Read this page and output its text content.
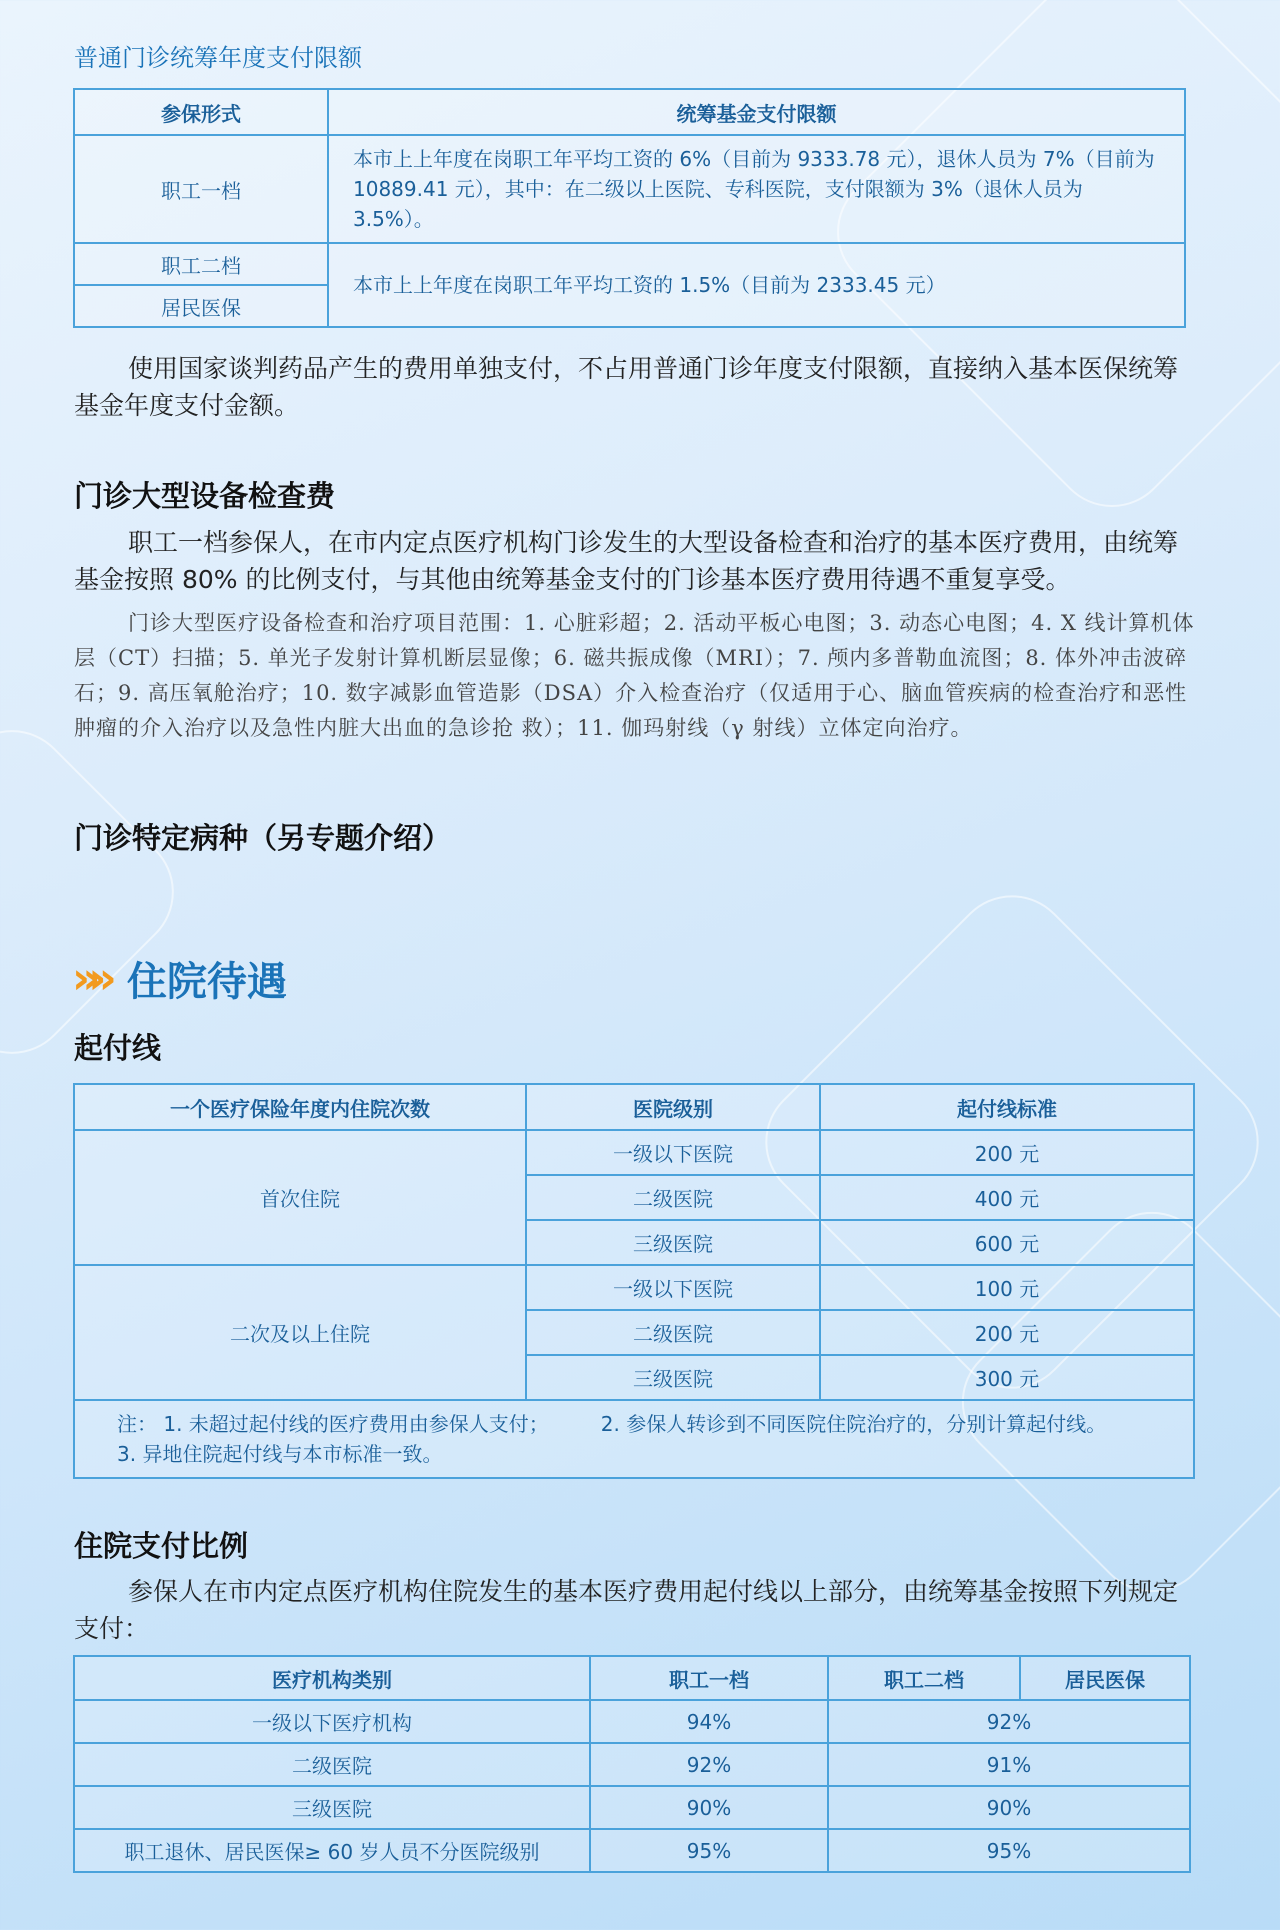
普通门诊统筹年度支付限额
参保形式	统筹基金支付限额
职工一档	本市上上年度在岗职工年平均工资的 6%（目前为 9333.78 元），退休人员为 7%（目前为 10889.41 元），其中：在二级以上医院、专科医院，支付限额为 3%（退休人员为 3.5%）。
职工二档	本市上上年度在岗职工年平均工资的 1.5%（目前为 2333.45 元）
居民医保	
使用国家谈判药品产生的费用单独支付，不占用普通门诊年度支付限额，直接纳入基本医保统筹基金年度支付金额。
门诊大型设备检查费
职工一档参保人，在市内定点医疗机构门诊发生的大型设备检查和治疗的基本医疗费用，由统筹基金按照 80% 的比例支付，与其他由统筹基金支付的门诊基本医疗费用待遇不重复享受。
门诊大型医疗设备检查和治疗项目范围：1. 心脏彩超；2. 活动平板心电图；3. 动态心电图；4. X 线计算机体层（CT）扫描；5. 单光子发射计算机断层显像；6. 磁共振成像（MRI）；7. 颅内多普勒血流图；8. 体外冲击波碎石；9. 高压氧舱治疗；10. 数字减影血管造影（DSA）介入检查治疗（仅适用于心、脑血管疾病的检查治疗和恶性肿瘤的介入治疗以及急性内脏大出血的急诊抢 救）；11. 伽玛射线（γ 射线）立体定向治疗。
门诊特定病种（另专题介绍）
»» 住院待遇
起付线
一个医疗保险年度内住院次数	医院级别	起付线标准
首次住院	一级以下医院	200 元
	二级医院	400 元
	三级医院	600 元
二次及以上住院	一级以下医院	100 元
	二级医院	200 元
	三级医院	300 元
注： 1. 未超过起付线的医疗费用由参保人支付； 2. 参保人转诊到不同医院住院治疗的，分别计算起付线。
3. 异地住院起付线与本市标准一致。		
住院支付比例
参保人在市内定点医疗机构住院发生的基本医疗费用起付线以上部分，由统筹基金按照下列规定支付：
医疗机构类别	职工一档	职工二档	居民医保
一级以下医疗机构	94%	92%	
二级医院	92%	91%	
三级医院	90%	90%	
职工退休、居民医保≥ 60 岁人员不分医院级别	95%	95%	
